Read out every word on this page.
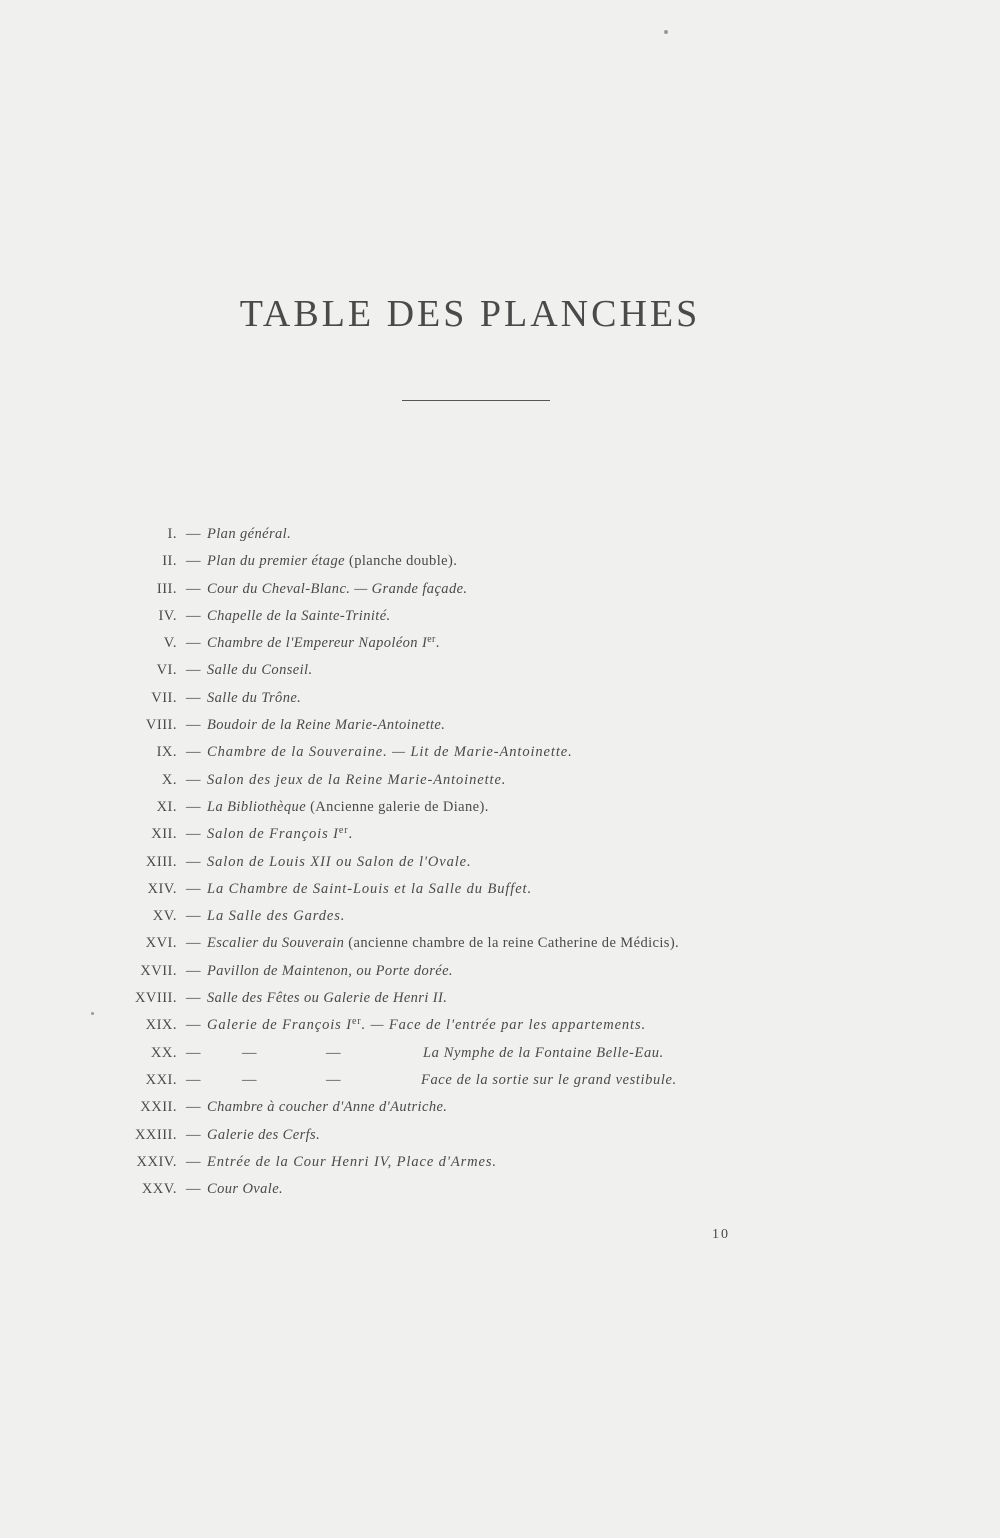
TABLE DES PLANCHES
I. — Plan général.
II. — Plan du premier étage (planche double).
III. — Cour du Cheval-Blanc. — Grande façade.
IV. — Chapelle de la Sainte-Trinité.
V. — Chambre de l'Empereur Napoléon Ier.
VI. — Salle du Conseil.
VII. — Salle du Trône.
VIII. — Boudoir de la Reine Marie-Antoinette.
IX. — Chambre de la Souveraine. — Lit de Marie-Antoinette.
X. — Salon des jeux de la Reine Marie-Antoinette.
XI. — La Bibliothèque (Ancienne galerie de Diane).
XII. — Salon de François Ier.
XIII. — Salon de Louis XII ou Salon de l'Ovale.
XIV. — La Chambre de Saint-Louis et la Salle du Buffet.
XV. — La Salle des Gardes.
XVI. — Escalier du Souverain (ancienne chambre de la reine Catherine de Médicis).
XVII. — Pavillon de Maintenon, ou Porte dorée.
XVIII. — Salle des Fêtes ou Galerie de Henri II.
XIX. — Galerie de François Ier. — Face de l'entrée par les appartements.
XX. —	—	—	La Nymphe de la Fontaine Belle-Eau.
XXI. —	—	—	Face de la sortie sur le grand vestibule.
XXII. — Chambre à coucher d'Anne d'Autriche.
XXIII. — Galerie des Cerfs.
XXIV. — Entrée de la Cour Henri IV, Place d'Armes.
XXV. — Cour Ovale.
10
